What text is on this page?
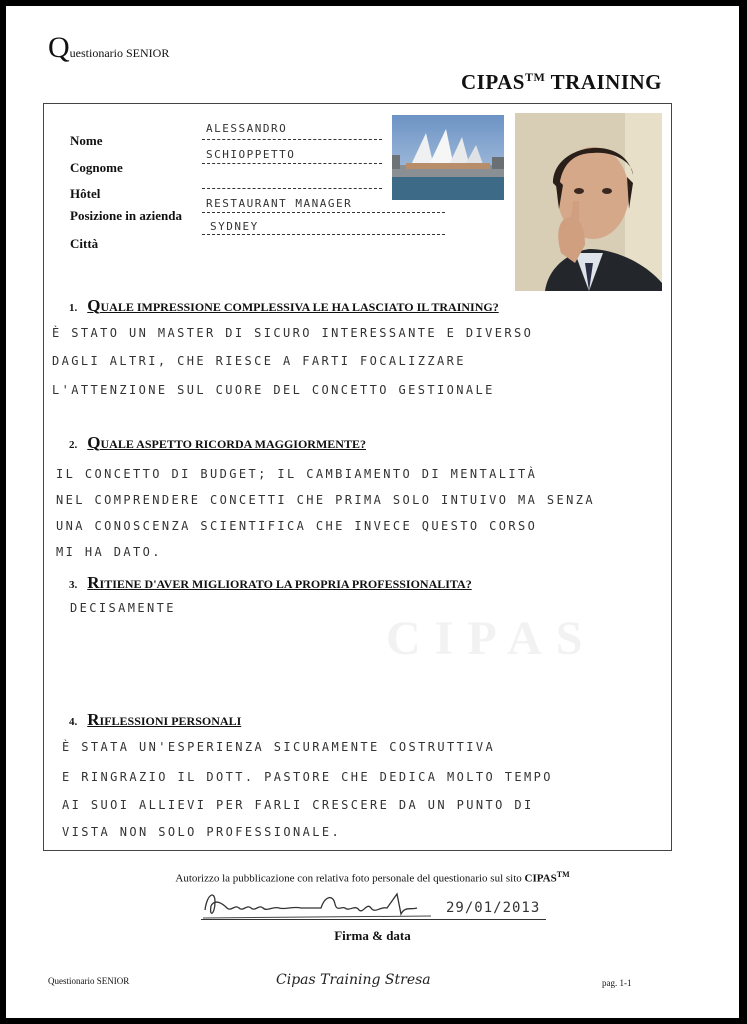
Questionario SENIOR
CIPAS™ TRAINING
CIPAS
Nome
ALESSANDRO
Cognome
SCHIOPPETTO
Hôtel
Posizione in azienda
RESTAURANT MANAGER
Città
SYDNEY
1. QUALE IMPRESSIONE COMPLESSIVA LE HA LASCIATO IL TRAINING?
È STATO UN MASTER DI SICURO INTERESSANTE E DIVERSO
DAGLI ALTRI, CHE RIESCE A FARTI FOCALIZZARE
L'ATTENZIONE SUL CUORE DEL CONCETTO GESTIONALE
2. QUALE ASPETTO RICORDA MAGGIORMENTE?
IL CONCETTO DI BUDGET; IL CAMBIAMENTO DI MENTALITÀ
NEL COMPRENDERE CONCETTI CHE PRIMA SOLO INTUIVO MA SENZA
UNA CONOSCENZA SCIENTIFICA CHE INVECE QUESTO CORSO
MI HA DATO.
3. RITIENE D'AVER MIGLIORATO LA PROPRIA PROFESSIONALITA?
DECISAMENTE
4. RIFLESSIONI PERSONALI
È STATA UN'ESPERIENZA SICURAMENTE COSTRUTTIVA
E RINGRAZIO IL DOTT. PASTORE CHE DEDICA MOLTO TEMPO
AI SUOI ALLIEVI PER FARLI CRESCERE DA UN PUNTO DI
VISTA NON SOLO PROFESSIONALE.
Autorizzo la pubblicazione con relativa foto personale del questionario sul sito CIPAS™
29/01/2013
Firma & data
Questionario SENIOR	Cipas Training Stresa	pag. 1-1
